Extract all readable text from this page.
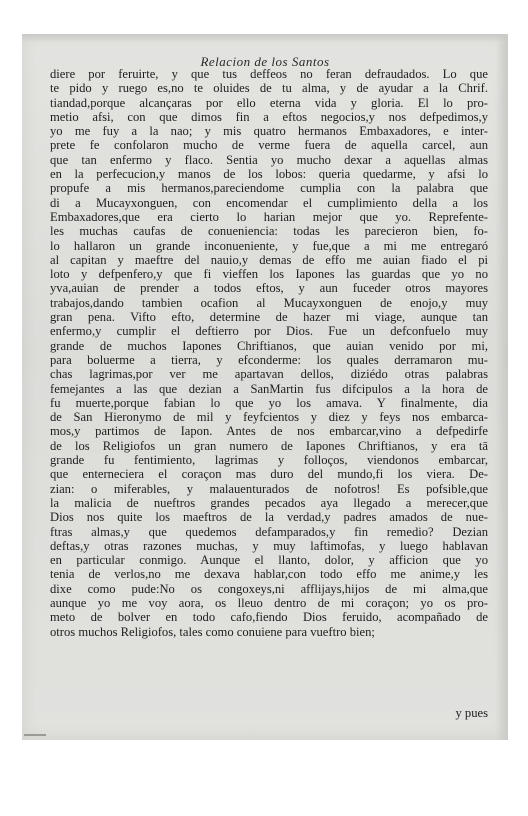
Relacion de los Santos
diere por feruirte, y que tus deffeos no feran defraudados. Lo que
te pido y ruego es,no te oluides de tu alma, y de ayudar a la Chrif.
tiandad,porque alcançaras por ello eterna vida y gloria. El lo pro-
metio afsi, con que dimos fin a eftos negocios,y nos defpedimos,y
yo me fuy a la nao; y mis quatro hermanos Embaxadores, e inter-
prete fe confolaron mucho de verme fuera de aquella carcel, aun
que tan enfermo y flaco. Sentia yo mucho dexar a aquellas almas
en la perfecucion,y manos de los lobos: queria quedarme, y afsi lo
propufe a mis hermanos,pareciendome cumplia con la palabra que
di a Mucayxonguen, con encomendar el cumplimiento della a los
Embaxadores,que era cierto lo harian mejor que yo. Reprefente-
les muchas caufas de conueniencia: todas les parecieron bien, fo-
lo hallaron un grande inconueniente, y fue,que a mi me entregaró
al capitan y maeftre del nauio,y demas de effo me auian fiado el pi
loto y defpenfero,y que fi vieffen los Iapones las guardas que yo no
yva,auian de prender a todos eftos, y aun fuceder otros mayores
trabajos,dando tambien ocafion al Mucayxonguen de enojo,y muy
gran pena. Vifto efto, determine de hazer mi viage, aunque tan
enfermo,y cumplir el deftierro por Dios. Fue un defconfuelo muy
grande de muchos Iapones Chriftianos, que auian venido por mi,
para boluerme a tierra, y efconderme: los quales derramaron mu-
chas lagrimas,por ver me apartavan dellos, diziédo otras palabras
femejantes a las que dezian a SanMartin fus difcipulos a la hora de
fu muerte,porque fabian lo que yo los amava. Y finalmente, dia
de San Hieronymo de mil y feyfcientos y diez y feys nos embarca-
mos,y partimos de Iapon. Antes de nos embarcar,vino a defpedirfe
de los Religiofos un gran numero de Iapones Chriftianos, y era tā
grande fu fentimiento, lagrimas y folloços, viendonos embarcar,
que enterneciera el coraçon mas duro del mundo,fi los viera. De-
zian: o miferables, y malauenturados de nofotros! Es pofsible,que
la malicia de nueftros grandes pecados aya llegado a merecer,que
Dios nos quite los maeftros de la verdad,y padres amados de nue-
ftras almas,y que quedemos defamparados,y fin remedio? Dezian
deftas,y otras razones muchas, y muy laftimofas, y luego hablavan
en particular conmigo. Aunque el llanto, dolor, y afficion que yo
tenia de verlos,no me dexava hablar,con todo effo me anime,y les
dixe como pude:No os congoxeys,ni afflijays,hijos de mi alma,que
aunque yo me voy aora, os lleuo dentro de mi coraçon; yo os pro-
meto de bolver en todo cafo,fiendo Dios feruido, acompañado de
otros muchos Religiofos, tales como conuiene para vueftro bien;
y pues
